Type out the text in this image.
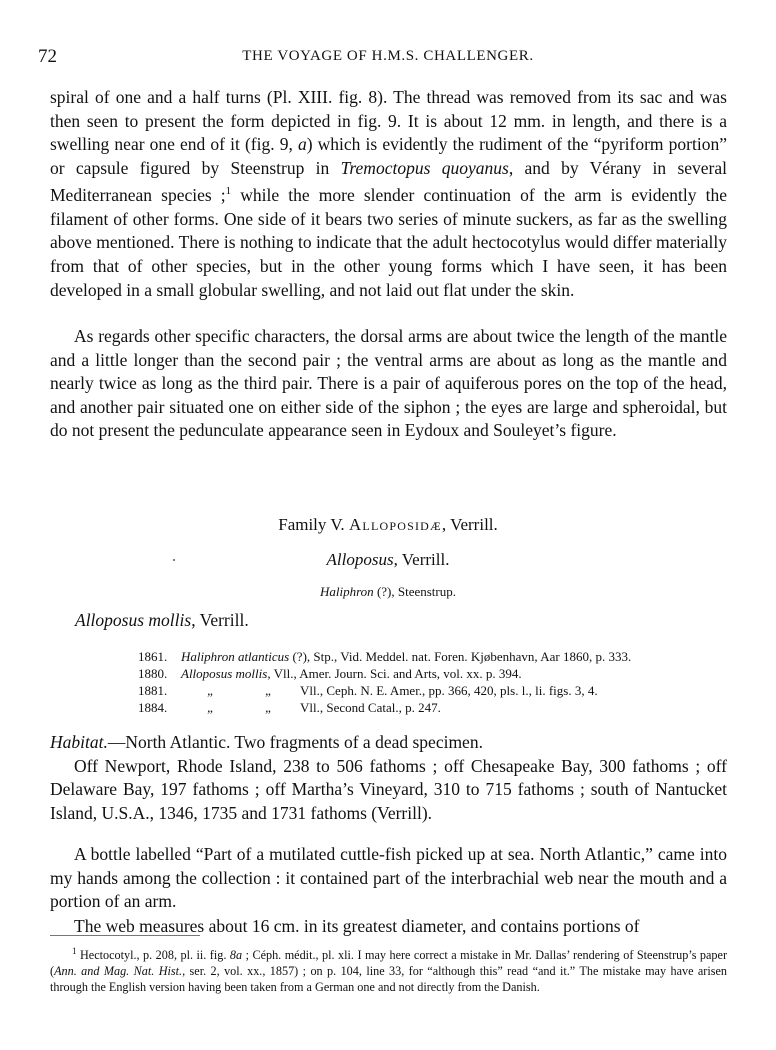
72	THE VOYAGE OF H.M.S. CHALLENGER.

spiral of one and a half turns (Pl. XIII. fig. 8). The thread was removed from its sac and was then seen to present the form depicted in fig. 9. It is about 12 mm. in length, and there is a swelling near one end of it (fig. 9, a) which is evidently the rudiment of the “pyriform portion” or capsule figured by Steenstrup in Tremoctopus quoyanus, and by Vérany in several Mediterranean species ;$^1$ while the more slender continuation of the arm is evidently the filament of other forms. One side of it bears two series of minute suckers, as far as the swelling above mentioned. There is nothing to indicate that the adult hectocotylus would differ materially from that of other species, but in the other young forms which I have seen, it has been developed in a small globular swelling, and not laid out flat under the skin.

As regards other specific characters, the dorsal arms are about twice the length of the mantle and a little longer than the second pair ; the ventral arms are about as long as the mantle and nearly twice as long as the third pair. There is a pair of aquiferous pores on the top of the head, and another pair situated one on either side of the siphon ; the eyes are large and spheroidal, but do not present the pedunculate appearance seen in Eydoux and Souleyet’s figure.

Family V. Alloposidæ, Verrill.
Alloposus, Verrill.
Haliphron (?), Steenstrup.
Alloposus mollis, Verrill.
1861.	Haliphron atlanticus (?), Stp., Vid. Meddel. nat. Foren. Kjøbenhavn, Aar 1860, p. 333.
1880.	Alloposus mollis, Vll., Amer. Journ. Sci. and Arts, vol. xx. p. 394.
1881.	„	„ Vll., Ceph. N. E. Amer., pp. 366, 420, pls. l., li. figs. 3, 4.
1884.	„	„ Vll., Second Catal., p. 247.

Habitat.—North Atlantic. Two fragments of a dead specimen.

Off Newport, Rhode Island, 238 to 506 fathoms ; off Chesapeake Bay, 300 fathoms ; off Delaware Bay, 197 fathoms ; off Martha’s Vineyard, 310 to 715 fathoms ; south of Nantucket Island, U.S.A., 1346, 1735 and 1731 fathoms (Verrill).

A bottle labelled “Part of a mutilated cuttle-fish picked up at sea. North Atlantic,” came into my hands among the collection : it contained part of the interbrachial web near the mouth and a portion of an arm.

The web measures about 16 cm. in its greatest diameter, and contains portions of

$^1$ Hectocotyl., p. 208, pl. ii. fig. 8a ; Céph. médit., pl. xli. I may here correct a mistake in Mr. Dallas’ rendering of Steenstrup’s paper (Ann. and Mag. Nat. Hist., ser. 2, vol. xx., 1857) ; on p. 104, line 33, for “although this” read “and it.” The mistake may have arisen through the English version having been taken from a German one and not directly from the Danish.
